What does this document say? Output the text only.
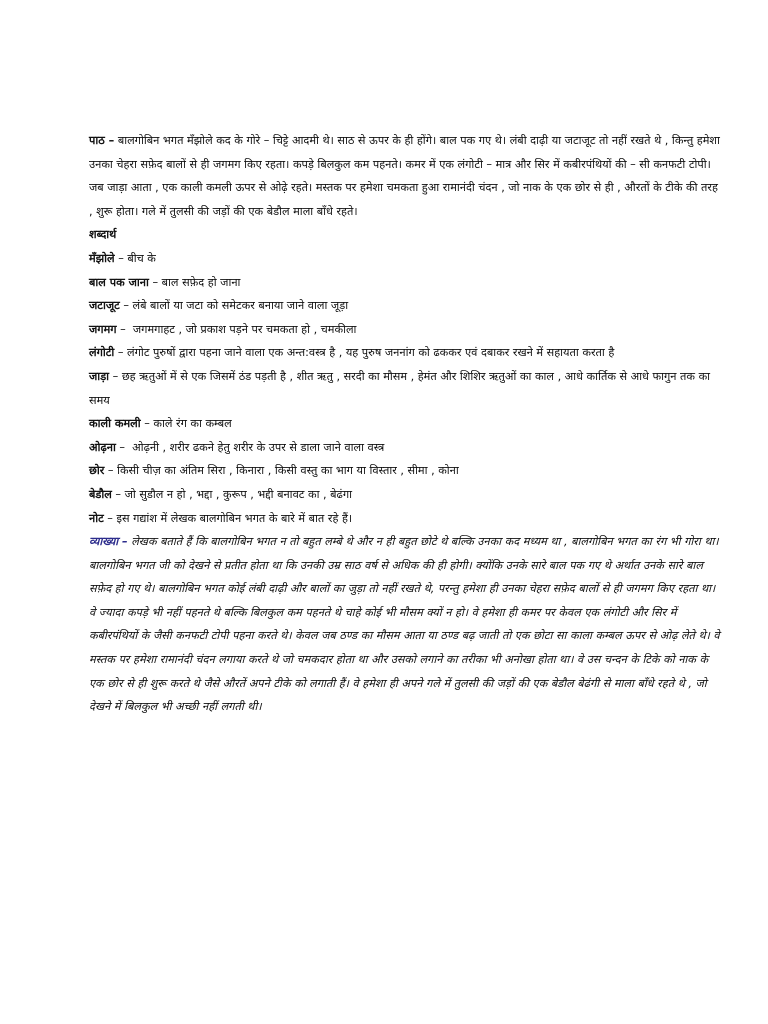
पाठ – बालगोबिन भगत मँझोले कद के गोरे – चिट्टे आदमी थे। साठ से ऊपर के ही होंगे। बाल पक गए थे। लंबी दाढ़ी या जटाजूट तो नहीं रखते थे , किन्तु हमेशा उनका चेहरा सफ़ेद बालों से ही जगमग किए रहता। कपड़े बिलकुल कम पहनते। कमर में एक लंगोटी – मात्र और सिर में कबीरपंथियों की – सी कनफटी टोपी। जब जाड़ा आता , एक काली कमली ऊपर से ओढ़े रहते। मस्तक पर हमेशा चमकता हुआ रामानंदी चंदन , जो नाक के एक छोर से ही , औरतों के टीके की तरह , शुरू होता। गले में तुलसी की जड़ों की एक बेडौल माला बाँधे रहते।

शब्दार्थ

मँझोले – बीच के

बाल पक जाना – बाल सफ़ेद हो जाना

जटाजूट – लंबे बालों या जटा को समेटकर बनाया जाने वाला जूड़ा

जगमग –  जगमगाहट , जो प्रकाश पड़ने पर चमकता हो , चमकीला

लंगोटी – लंगोट पुरुषों द्वारा पहना जाने वाला एक अन्त:वस्त्र है , यह पुरुष जननांग को ढककर एवं दबाकर रखने में सहायता करता है

जाड़ा – छह ऋतुओं में से एक जिसमें ठंड पड़ती है , शीत ऋतु , सरदी का मौसम , हेमंत और शिशिर ऋतुओं का काल , आधे कार्तिक से आधे फागुन तक का समय

काली कमली – काले रंग का कम्बल

ओढ़ना –  ओढ़नी , शरीर ढकने हेतु शरीर के उपर से डाला जाने वाला वस्त्र

छोर – किसी चीज़ का अंतिम सिरा , किनारा , किसी वस्तु का भाग या विस्तार , सीमा , कोना

बेडौल – जो सुडौल न हो , भद्दा , कुरूप , भद्दी बनावट का , बेढंगा

नोट – इस गद्यांश में लेखक बालगोबिन भगत के बारे में बात रहे हैं।

व्याख्या – लेखक बताते हैं कि बालगोबिन भगत न तो बहुत लम्बे थे और न ही बहुत छोटे थे बल्कि उनका कद मध्यम था , बालगोबिन भगत का रंग भी गोरा था। बालगोबिन भगत जी को देखने से प्रतीत होता था कि उनकी उम्र साठ वर्ष से अधिक की ही होगी। क्योंकि उनके सारे बाल पक गए थे अर्थात उनके सारे बाल सफ़ेद हो गए थे। बालगोबिन भगत कोई लंबी दाढ़ी और बालों का जुड़ा तो नहीं रखते थे, परन्तु हमेशा ही उनका चेहरा सफ़ेद बालों से ही जगमग किए रहता था। वे ज्यादा कपड़े भी नहीं पहनते थे बल्कि बिलकुल कम पहनते थे चाहे कोई भी मौसम क्यों न हो। वे हमेशा ही कमर पर केवल एक लंगोटी और सिर में कबीरपंथियों के जैसी कनफटी टोपी पहना करते थे। केवल जब ठण्ड का मौसम आता या ठण्ड बढ़ जाती तो एक छोटा सा काला कम्बल ऊपर से ओढ़ लेते थे। वे मस्तक पर हमेशा रामानंदी चंदन लगाया करते थे जो चमकदार होता था और उसको लगाने का तरीका भी अनोखा होता था। वे उस चन्दन के टिके को नाक के एक छोर से ही शुरू करते थे जैसे औरतें अपने टीके को लगाती हैं। वे हमेशा ही अपने गले में तुलसी की जड़ों की एक बेडौल बेढंगी से माला बाँधे रहते थे , जो देखने में बिलकुल भी अच्छी नहीं लगती थी।
